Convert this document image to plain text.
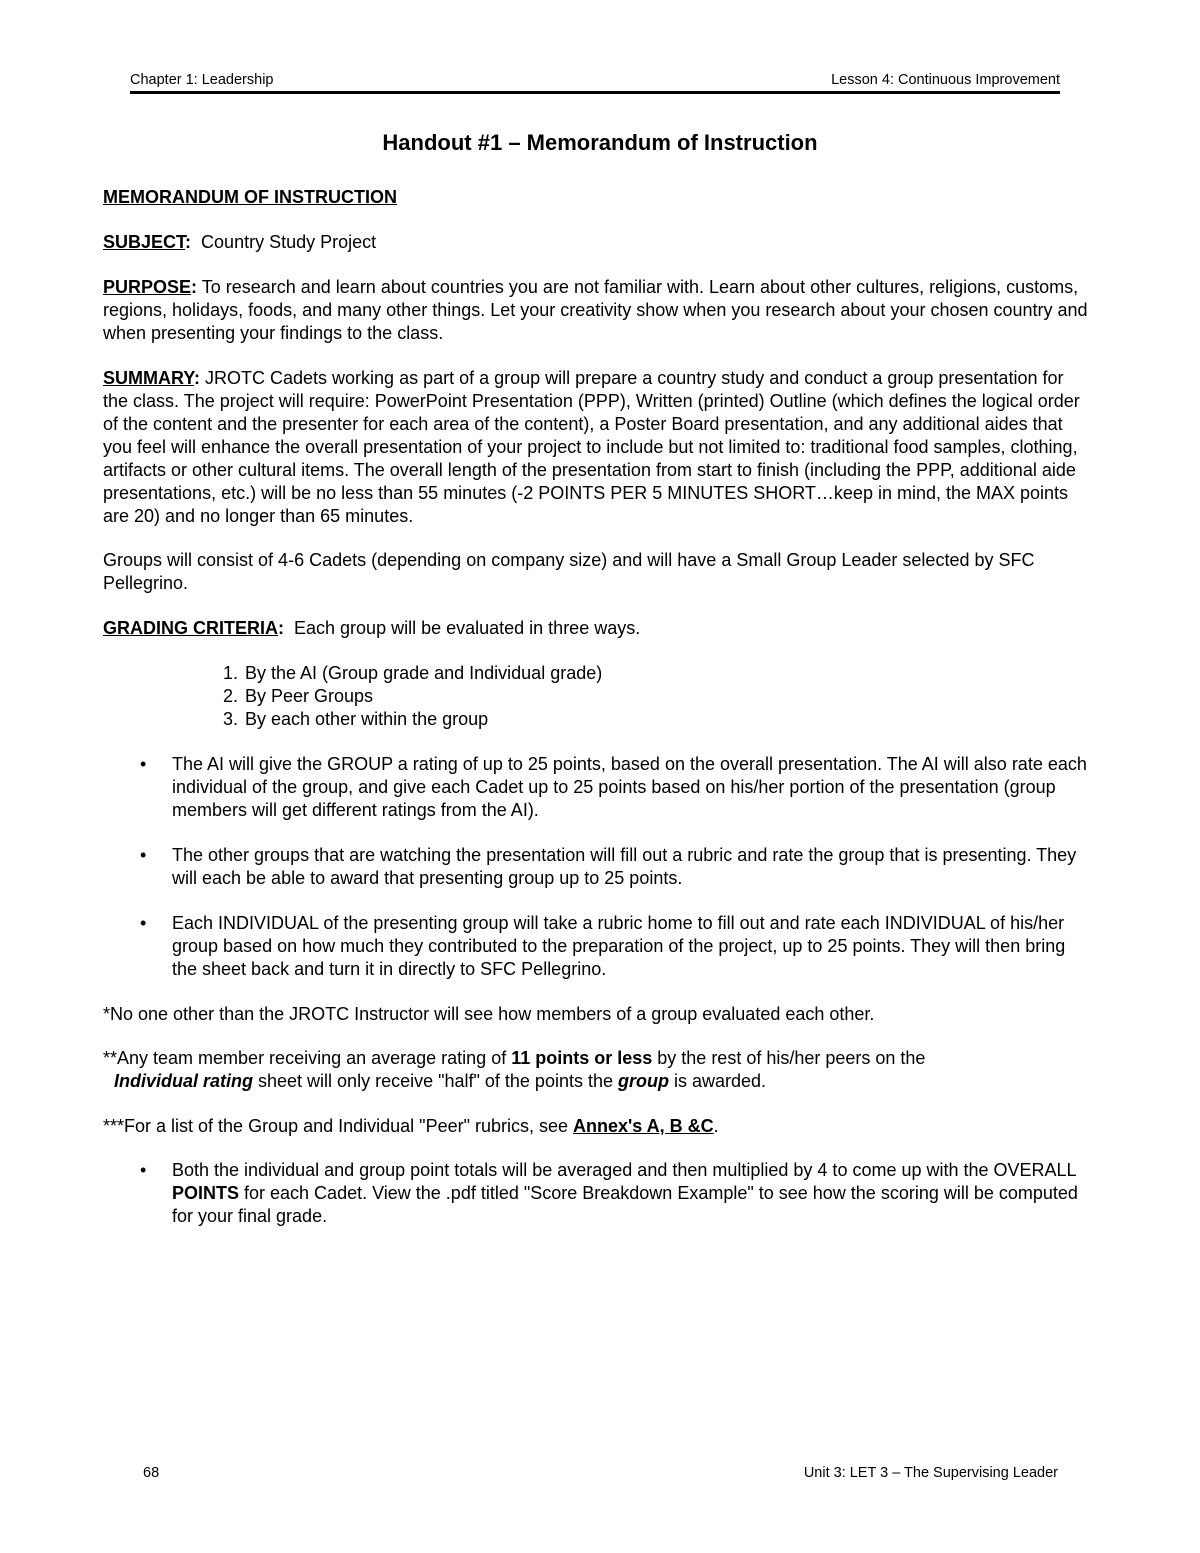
Chapter 1: Leadership	Lesson 4: Continuous Improvement
Handout #1 – Memorandum of Instruction

MEMORANDUM OF INSTRUCTION

SUBJECT: Country Study Project

PURPOSE: To research and learn about countries you are not familiar with. Learn about other cultures, religions, customs, regions, holidays, foods, and many other things. Let your creativity show when you research about your chosen country and when presenting your findings to the class.

SUMMARY: JROTC Cadets working as part of a group will prepare a country study and conduct a group presentation for the class. The project will require: PowerPoint Presentation (PPP), Written (printed) Outline (which defines the logical order of the content and the presenter for each area of the content), a Poster Board presentation, and any additional aides that you feel will enhance the overall presentation of your project to include but not limited to: traditional food samples, clothing, artifacts or other cultural items. The overall length of the presentation from start to finish (including the PPP, additional aide presentations, etc.) will be no less than 55 minutes (-2 POINTS PER 5 MINUTES SHORT…keep in mind, the MAX points are 20) and no longer than 65 minutes.

Groups will consist of 4-6 Cadets (depending on company size) and will have a Small Group Leader selected by SFC Pellegrino.

GRADING CRITERIA: Each group will be evaluated in three ways.

1. By the AI (Group grade and Individual grade)
2. By Peer Groups
3. By each other within the group
• The AI will give the GROUP a rating of up to 25 points, based on the overall presentation. The AI will also rate each individual of the group, and give each Cadet up to 25 points based on his/her portion of the presentation (group members will get different ratings from the AI).
• The other groups that are watching the presentation will fill out a rubric and rate the group that is presenting. They will each be able to award that presenting group up to 25 points.
• Each INDIVIDUAL of the presenting group will take a rubric home to fill out and rate each INDIVIDUAL of his/her group based on how much they contributed to the preparation of the project, up to 25 points. They will then bring the sheet back and turn it in directly to SFC Pellegrino.

*No one other than the JROTC Instructor will see how members of a group evaluated each other.

**Any team member receiving an average rating of 11 points or less by the rest of his/her peers on the
Individual rating sheet will only receive "half" of the points the group is awarded.

***For a list of the Group and Individual "Peer" rubrics, see Annex's A, B &C.

• Both the individual and group point totals will be averaged and then multiplied by 4 to come up with the OVERALL POINTS for each Cadet. View the .pdf titled "Score Breakdown Example" to see how the scoring will be computed for your final grade.
68	Unit 3: LET 3 – The Supervising Leader
